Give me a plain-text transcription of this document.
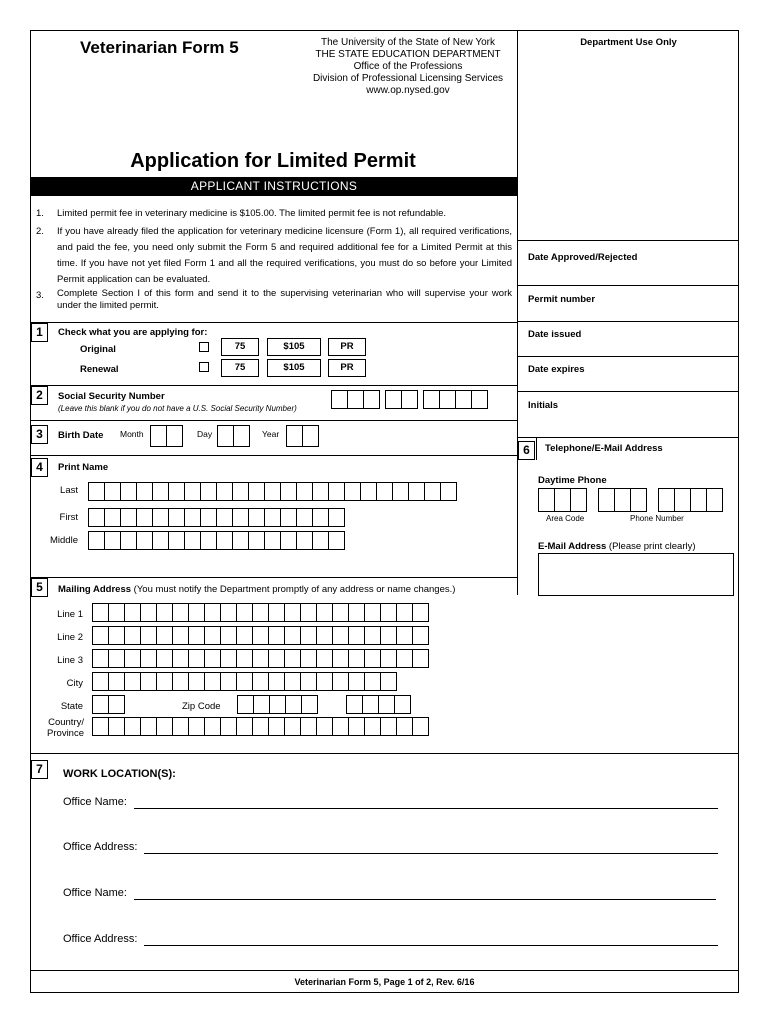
Veterinarian Form 5	The University of the State of New York
THE STATE EDUCATION DEPARTMENT
Office of the Professions
Division of Professional Licensing Services
www.op.nysed.gov
Department Use Only
Application for Limited Permit
APPLICANT INSTRUCTIONS
1. Limited permit fee in veterinary medicine is $105.00. The limited permit fee is not refundable.
2. If you have already filed the application for veterinary medicine licensure (Form 1), all required verifications, and paid the fee, you need only submit the Form 5 and required additional fee for a Limited Permit at this time. If you have not yet filed Form 1 and all the required verifications, you must do so before your Limited Permit application can be evaluated.
3. Complete Section I of this form and send it to the supervising veterinarian who will supervise your work under the limited permit.
Date Approved/Rejected
Permit number
Date issued
Date expires
Initials
1	Check what you are applying for:
Original	75	$105	PR
Renewal	75	$105	PR
2	Social Security Number
(Leave this blank if you do not have a U.S. Social Security Number)
3	Birth Date Month	Day	Year
4	Print Name
Last
First
Middle
5	Mailing Address (You must notify the Department promptly of any address or name changes.)
Line 1
Line 2
Line 3
City
State	Zip Code
Country/
Province
6	Telephone/E-Mail Address
Daytime Phone
Area Code	Phone Number
E-Mail Address (Please print clearly)
7	WORK LOCATION(S):
Office Name:
Office Address:
Office Name:
Office Address:
Veterinarian Form 5, Page 1 of 2, Rev. 6/16
